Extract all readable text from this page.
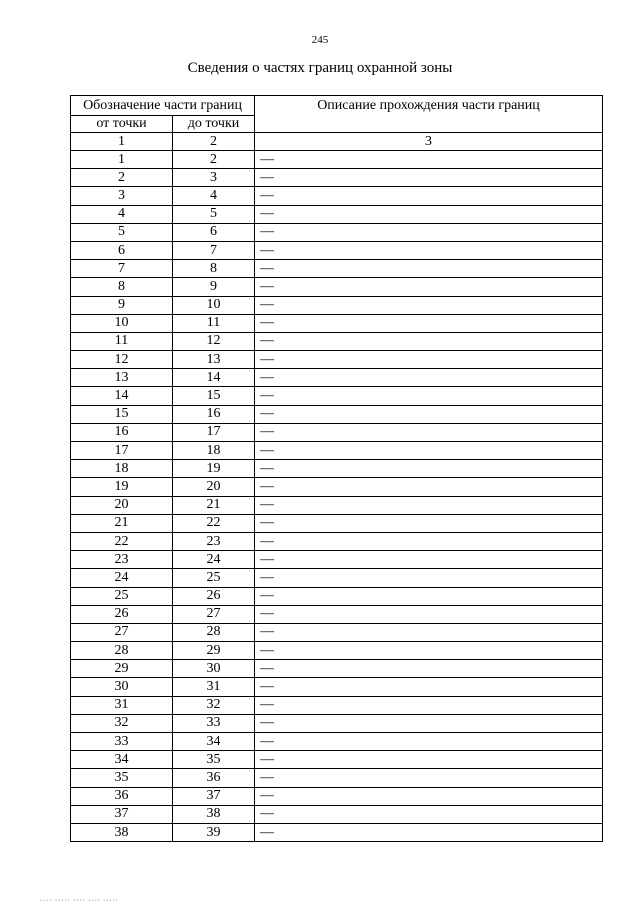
245
Сведения о частях границ охранной зоны
Обозначение части границ		Описание прохождения части границ
от точки	до точки	
1	2	3
1	2	—
2	3	—
3	4	—
4	5	—
5	6	—
6	7	—
7	8	—
8	9	—
9	10	—
10	11	—
11	12	—
12	13	—
13	14	—
14	15	—
15	16	—
16	17	—
17	18	—
18	19	—
19	20	—
20	21	—
21	22	—
22	23	—
23	24	—
24	25	—
25	26	—
26	27	—
27	28	—
28	29	—
29	30	—
30	31	—
31	32	—
32	33	—
33	34	—
34	35	—
35	36	—
36	37	—
37	38	—
38	39	—
▪▪▪▪ ▪▪▪▪▪ ▪▪▪▪ ▪▪▪▪ ▪▪▪▪▪
